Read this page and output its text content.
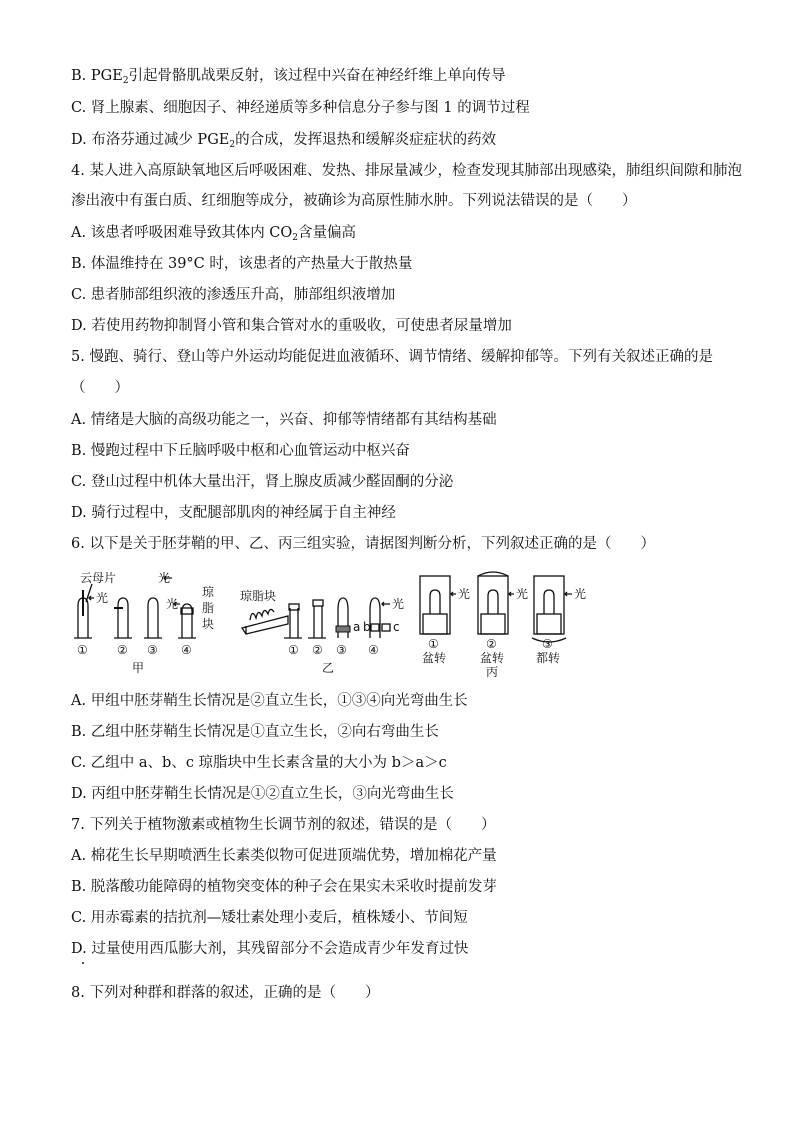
B. $PGE_2$引起骨骼肌战栗反射，该过程中兴奋在神经纤维上单向传导
C. 肾上腺素、细胞因子、神经递质等多种信息分子参与图 1 的调节过程
D. 布洛芬通过减少 $PGE_2$的合成，发挥退热和缓解炎症症状的药效
4. 某人进入高原缺氧地区后呼吸困难、发热、排尿量减少，检查发现其肺部出现感染，肺组织间隙和肺泡
渗出液中有蛋白质、红细胞等成分，被确诊为高原性肺水肿。下列说法错误的是（　　）
A. 该患者呼吸困难导致其体内 $CO_2$含量偏高
B. 体温维持在 39°C 时，该患者的产热量大于散热量
C. 患者肺部组织液的渗透压升高，肺部组织液增加
D. 若使用药物抑制肾小管和集合管对水的重吸收，可使患者尿量增加
5. 慢跑、骑行、登山等户外运动均能促进血液循环、调节情绪、缓解抑郁等。下列有关叙述正确的是
（　　）
A. 情绪是大脑的高级功能之一，兴奋、抑郁等情绪都有其结构基础
B. 慢跑过程中下丘脑呼吸中枢和心血管运动中枢兴奋
C. 登山过程中机体大量出汗，肾上腺皮质减少醛固酮的分泌
D. 骑行过程中，支配腿部肌肉的神经属于自主神经
6. 以下是关于胚芽鞘的甲、乙、丙三组实验，请据图判断分析，下列叙述正确的是（　　）
云母片
光
光
光
琼
脂
块
① ② ③ ④
甲
琼脂块
a b c
光
① ② ③ ④
乙
光	光	光
①	②	③
盆转	盆转	都转
丙
A. 甲组中胚芽鞘生长情况是②直立生长，①③④向光弯曲生长
B. 乙组中胚芽鞘生长情况是①直立生长，②向右弯曲生长
C. 乙组中 a、b、c 琼脂块中生长素含量的大小为 b＞a＞c
D. 丙组中胚芽鞘生长情况是①②直立生长，③向光弯曲生长
7. 下列关于植物激素或植物生长调节剂的叙述，错误的是（　　）
A. 棉花生长早期喷洒生长素类似物可促进顶端优势，增加棉花产量
B. 脱落酸功能障碍的植物突变体的种子会在果实未采收时提前发芽
C. 用赤霉素的拮抗剂—矮壮素处理小麦后，植株矮小、节间短
D. 过量使用西瓜膨大剂，其残留部分不会造成青少年发育过快
8. 下列对种群和群落的叙述，正确的是（　　）
